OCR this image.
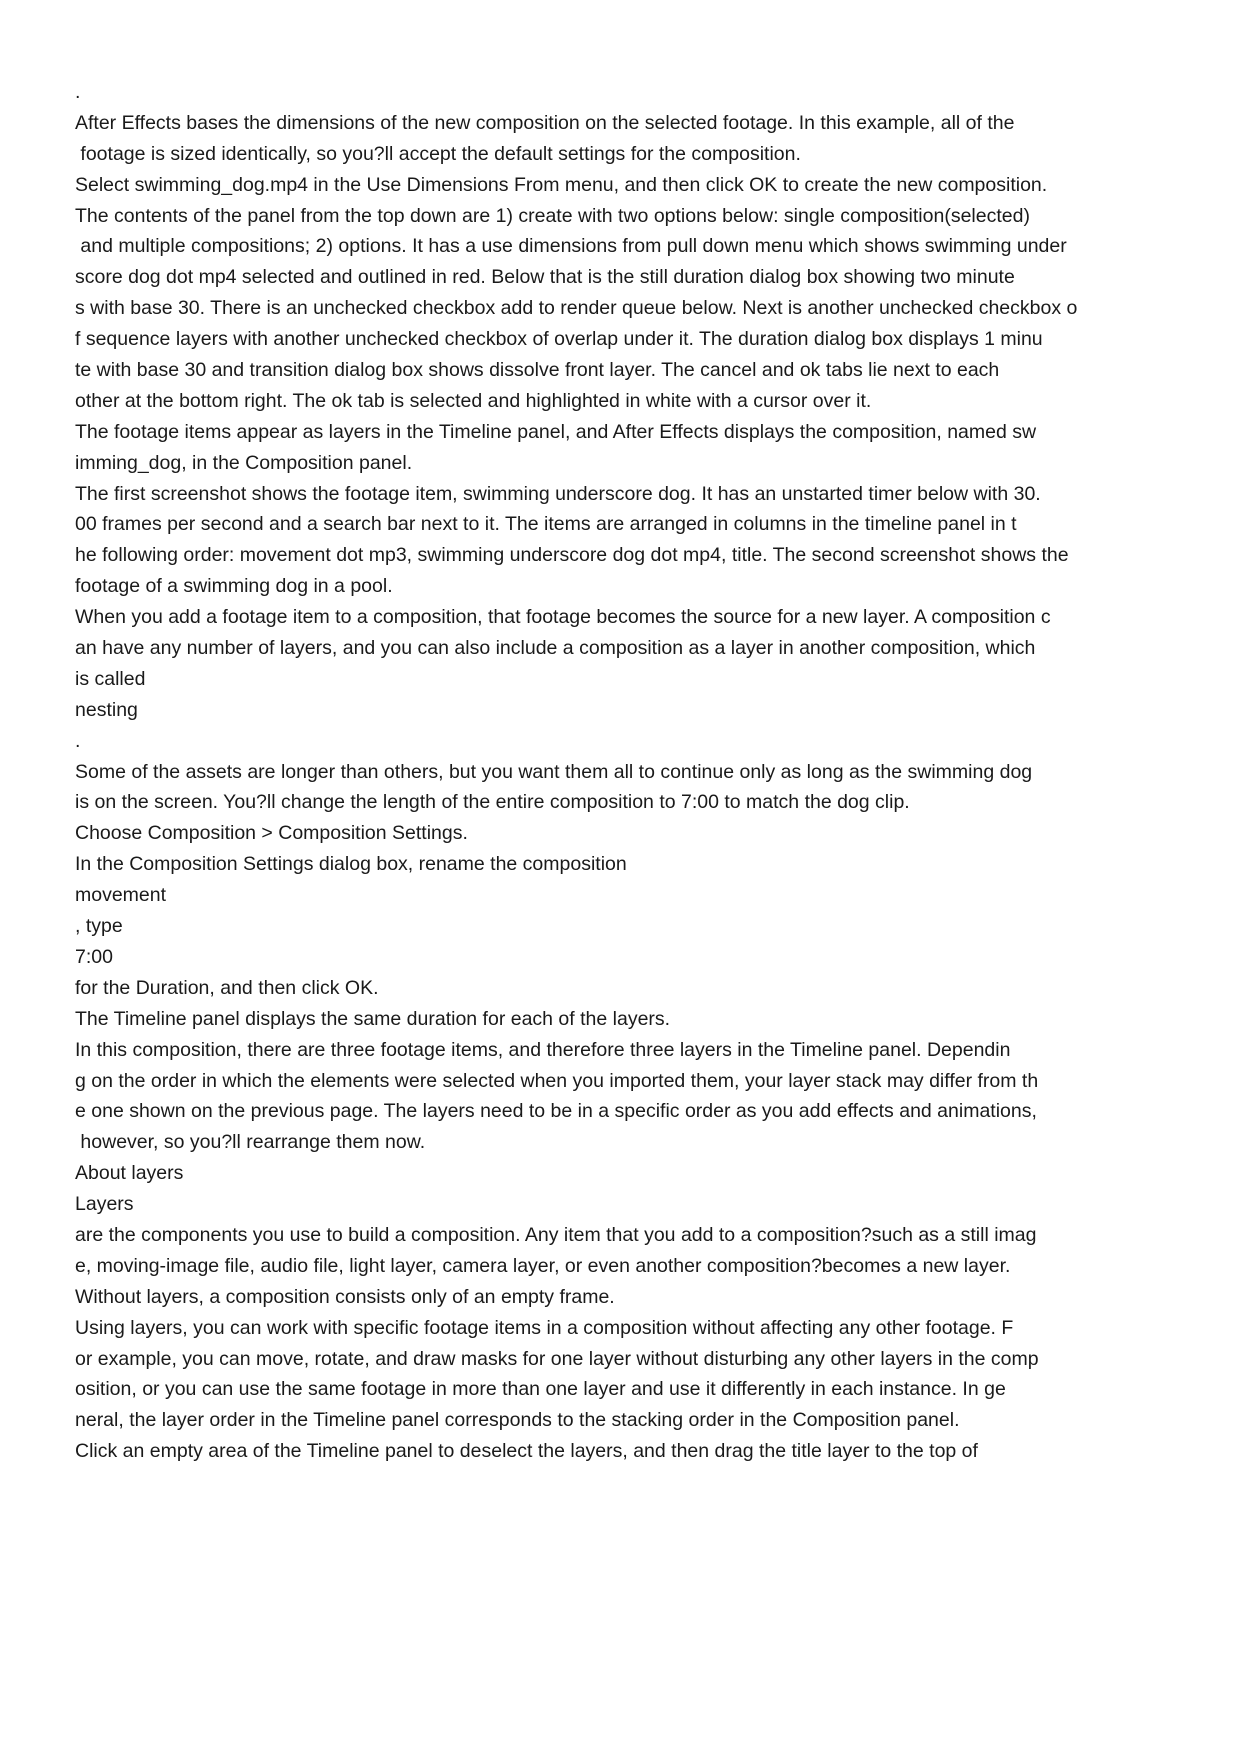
.

After Effects bases the dimensions of the new composition on the selected footage. In this example, all of the

footage is sized identically, so you?ll accept the default settings for the composition.

Select swimming_dog.mp4 in the Use Dimensions From menu, and then click OK to create the new composition.

The contents of the panel from the top down are 1) create with two options below: single composition(selected)

and multiple compositions; 2) options. It has a use dimensions from pull down menu which shows swimming under

score dog dot mp4 selected and outlined in red. Below that is the still duration dialog box showing two minute

s with base 30. There is an unchecked checkbox add to render queue below. Next is another unchecked checkbox o

f sequence layers with another unchecked checkbox of overlap under it. The duration dialog box displays 1 minu

te with base 30 and transition dialog box shows dissolve front layer. The cancel and ok tabs lie next to each

other at the bottom right. The ok tab is selected and highlighted in white with a cursor over it.

The footage items appear as layers in the Timeline panel, and After Effects displays the composition, named sw

imming_dog, in the Composition panel.

The first screenshot shows the footage item, swimming underscore dog. It has an unstarted timer below with 30.

00 frames per second and a search bar next to it. The items are arranged in columns in the timeline panel in t

he following order: movement dot mp3, swimming underscore dog dot mp4, title. The second screenshot shows the

footage of a swimming dog in a pool.

When you add a footage item to a composition, that footage becomes the source for a new layer. A composition c

an have any number of layers, and you can also include a composition as a layer in another composition, which

is called

nesting

.

Some of the assets are longer than others, but you want them all to continue only as long as the swimming dog

is on the screen. You?ll change the length of the entire composition to 7:00 to match the dog clip.

Choose Composition > Composition Settings.

In the Composition Settings dialog box, rename the composition

movement

, type

7:00

for the Duration, and then click OK.

The Timeline panel displays the same duration for each of the layers.

In this composition, there are three footage items, and therefore three layers in the Timeline panel. Dependin

g on the order in which the elements were selected when you imported them, your layer stack may differ from th

e one shown on the previous page. The layers need to be in a specific order as you add effects and animations,

however, so you?ll rearrange them now.

About layers

Layers

are the components you use to build a composition. Any item that you add to a composition?such as a still imag

e, moving-image file, audio file, light layer, camera layer, or even another composition?becomes a new layer.

Without layers, a composition consists only of an empty frame.

Using layers, you can work with specific footage items in a composition without affecting any other footage. F

or example, you can move, rotate, and draw masks for one layer without disturbing any other layers in the comp

osition, or you can use the same footage in more than one layer and use it differently in each instance. In ge

neral, the layer order in the Timeline panel corresponds to the stacking order in the Composition panel.

Click an empty area of the Timeline panel to deselect the layers, and then drag the title layer to the top of
